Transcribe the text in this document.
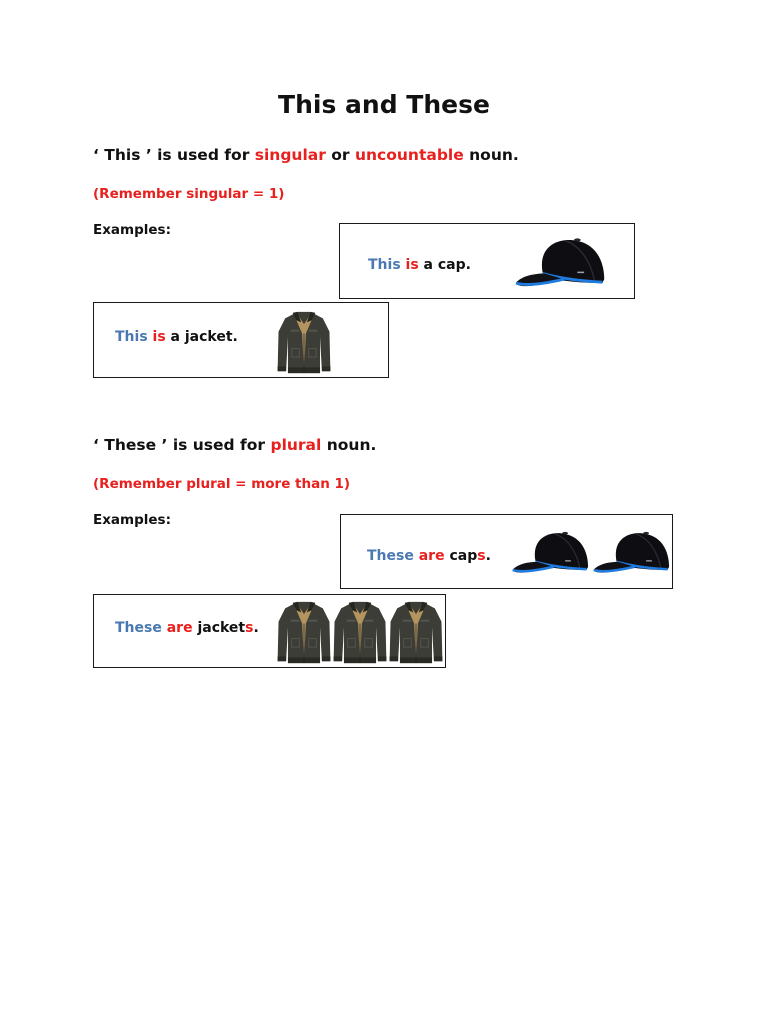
This and These
‘ This ’ is used for singular or uncountable noun.
(Remember singular = 1)
Examples:
This is a cap.
This is a jacket.
‘ These ’ is used for plural noun.
(Remember plural = more than 1)
Examples:
These are caps.
These are jackets.
